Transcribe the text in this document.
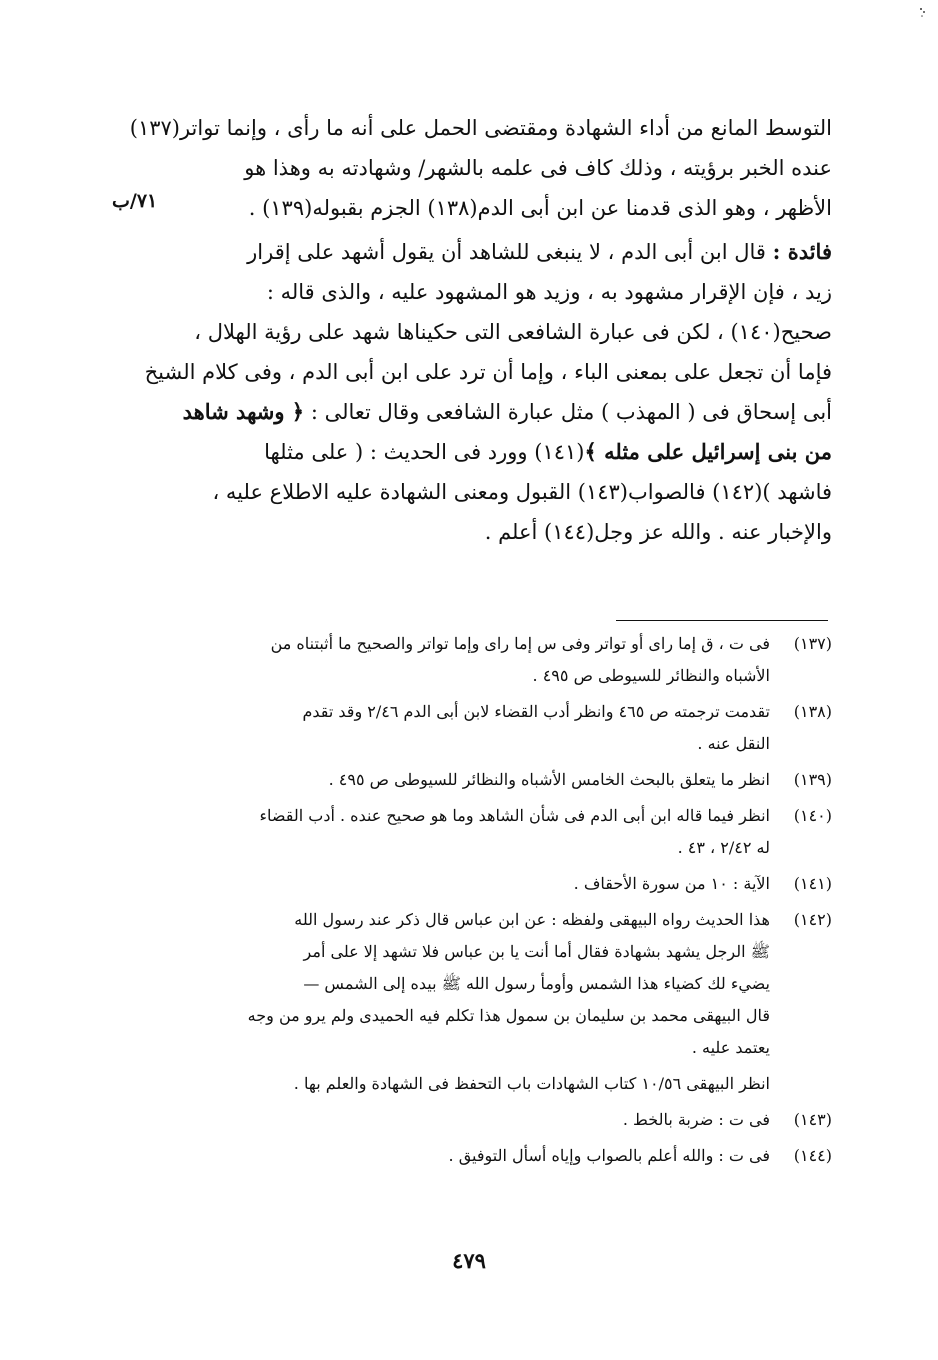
التوسط المانع من أداء الشهادة ومقتضى الحمل على أنه ما رأى ، وإنما تواتر(١٣٧)
عنده الخبر برؤيته ، وذلك كاف فى علمه بالشهر/ وشهادته به وهذا هو
الأظهر ، وهو الذى قدمنا عن ابن أبى الدم(١٣٨) الجزم بقبوله(١٣٩) .

فائدة : قال ابن أبى الدم ، لا ينبغى للشاهد أن يقول أشهد على إقرار
زيد ، فإن الإقرار مشهود به ، وزيد هو المشهود عليه ، والذى قاله :
صحيح(١٤٠) ، لكن فى عبارة الشافعى التى حكيناها شهد على رؤية الهلال ،
فإما أن تجعل على بمعنى الباء ، وإما أن ترد على ابن أبى الدم ، وفى كلام الشيخ
أبى إسحاق فى ( المهذب ) مثل عبارة الشافعى وقال تعالى : ﴿ وشهد شاهد
من بنى إسرائيل على مثله ﴾(١٤١) وورد فى الحديث : ( على مثلها
فاشهد )(١٤٢) فالصواب(١٤٣) القبول ومعنى الشهادة عليه الاطلاع عليه ،
والإخبار عنه . والله عز وجل(١٤٤) أعلم .

٧١/ب
(١٣٧)
فى ت ، ق إما راى أو تواتر وفى س إما راى وإما تواتر والصحيح ما أثبتناه من
الأشباه والنظائر للسيوطى ص ٤٩٥ .
(١٣٨)
تقدمت ترجمته ص ٤٦٥ وانظر أدب القضاء لابن أبى الدم ٢/٤٦ وقد تقدم
النقل عنه .
(١٣٩)
انظر ما يتعلق بالبحث الخامس الأشباه والنظائر للسيوطى ص ٤٩٥ .
(١٤٠)
انظر فيما قاله ابن أبى الدم فى شأن الشاهد وما هو صحيح عنده . أدب القضاء
له ٢/٤٢ ، ٤٣ .
(١٤١)
الآية : ١٠ من سورة الأحقاف .
(١٤٢)
هذا الحديث رواه البيهقى ولفظه : عن ابن عباس قال ذكر عند رسول الله
ﷺ الرجل يشهد بشهادة فقال أما أنت يا بن عباس فلا تشهد إلا على أمر
يضيء لك كضياء هذا الشمس وأومأ رسول الله ﷺ بيده إلى الشمس —
قال البيهقى محمد بن سليمان بن سمول هذا تكلم فيه الحميدى ولم يرو من وجه
يعتمد عليه .
انظر البيهقى ١٠/٥٦ كتاب الشهادات باب التحفظ فى الشهادة والعلم بها .
(١٤٣)
فى ت : ضربة بالخط .
(١٤٤)
فى ت : والله أعلم بالصواب وإياه أسأل التوفيق .
٤٧٩
